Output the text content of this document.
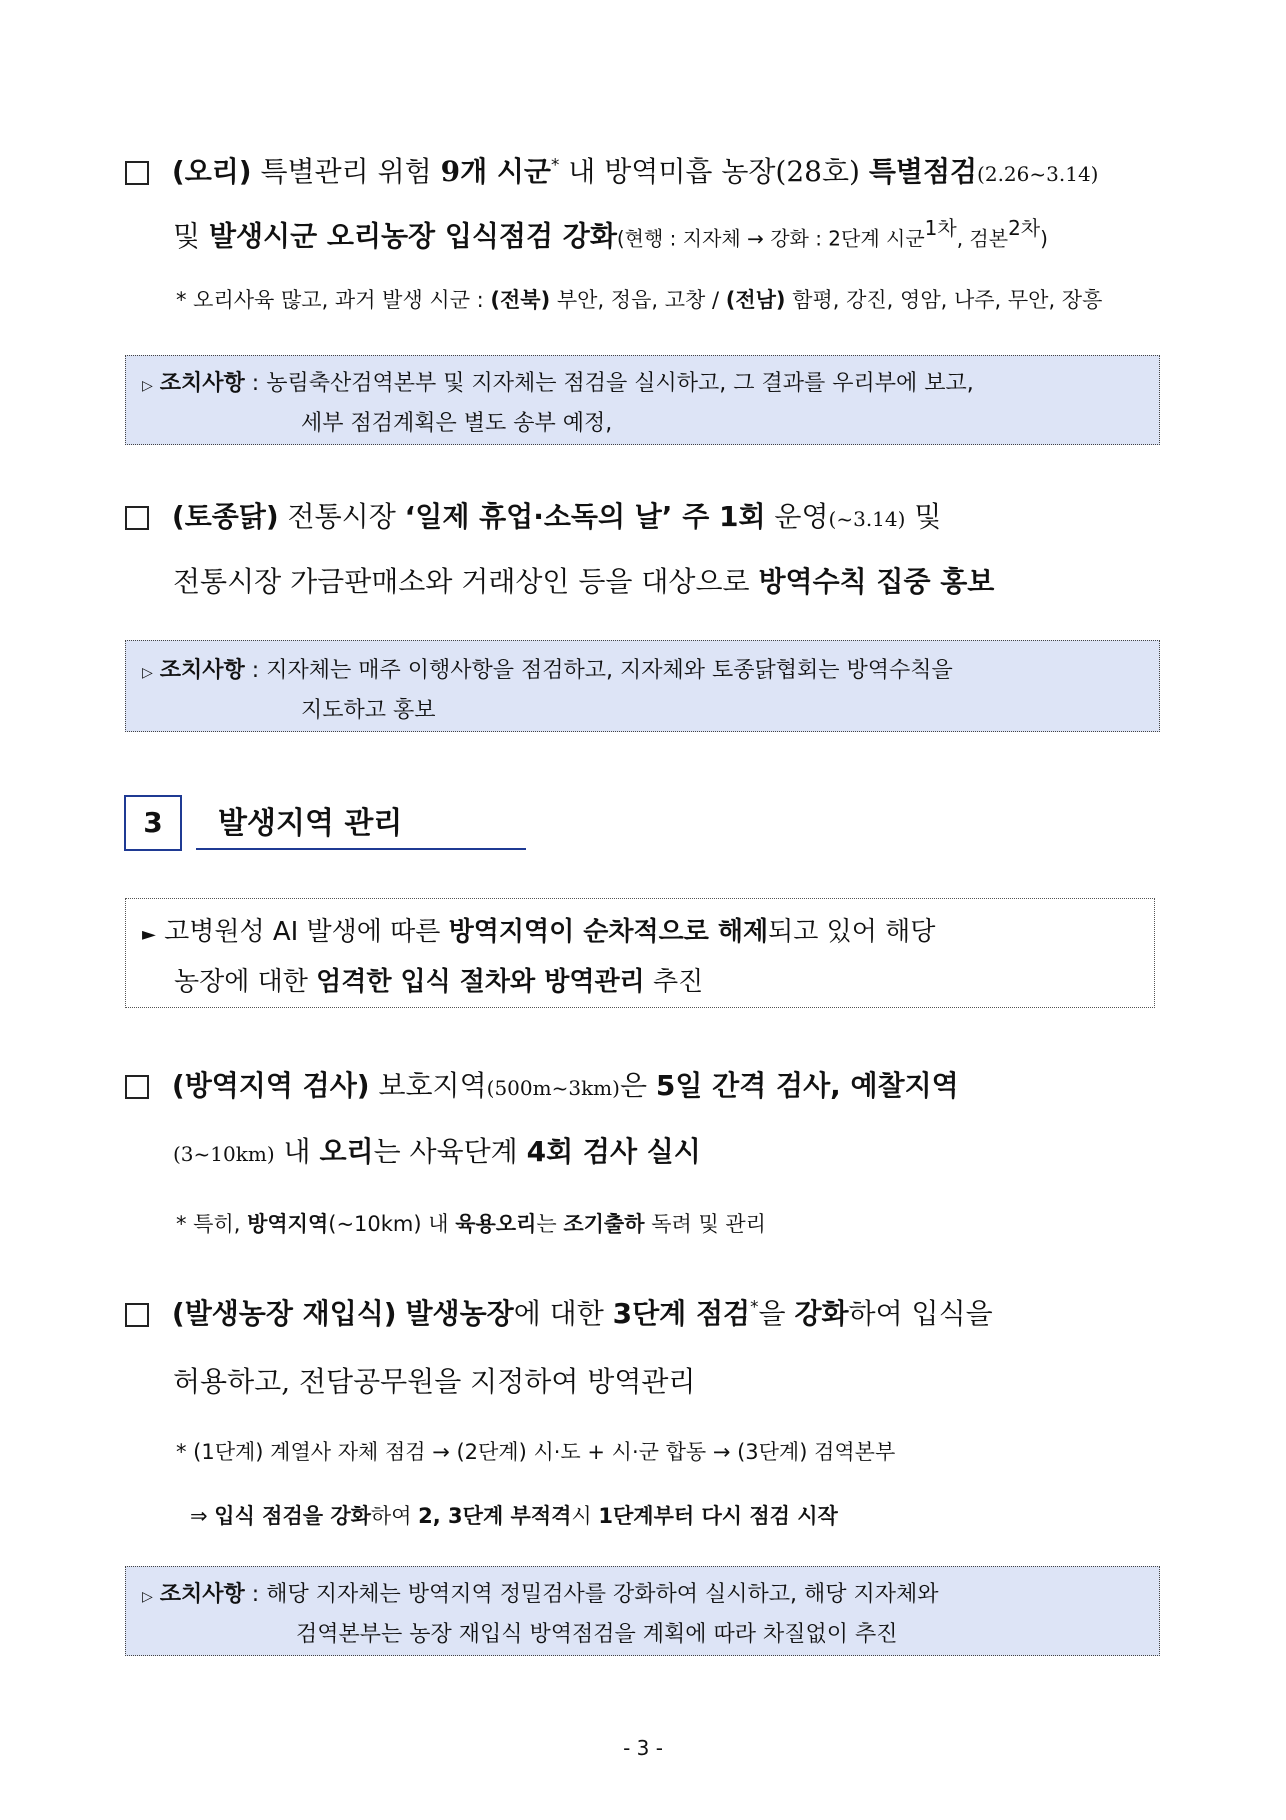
(오리) 특별관리 위험 9개 시군* 내 방역미흡 농장(28호) 특별점검(2.26~3.14)
및 발생시군 오리농장 입식점검 강화(현행 : 지자체 → 강화 : 2단계 시군$^{1차}$, 검본$^{2차}$)
* 오리사육 많고, 과거 발생 시군 : (전북) 부안, 정읍, 고창 / (전남) 함평, 강진, 영암, 나주, 무안, 장흥
▷ 조치사항 : 농림축산검역본부 및 지자체는 점검을 실시하고, 그 결과를 우리부에 보고,
세부 점검계획은 별도 송부 예정,
(토종닭) 전통시장 ‘일제 휴업·소독의 날’ 주 1회 운영(~3.14) 및
전통시장 가금판매소와 거래상인 등을 대상으로 방역수칙 집중 홍보
▷ 조치사항 : 지자체는 매주 이행사항을 점검하고, 지자체와 토종닭협회는 방역수칙을
지도하고 홍보
3	발생지역 관리
► 고병원성 AI 발생에 따른 방역지역이 순차적으로 해제되고 있어 해당
농장에 대한 엄격한 입식 절차와 방역관리 추진
(방역지역 검사) 보호지역(500m~3km)은 5일 간격 검사, 예찰지역
(3~10km) 내 오리는 사육단계 4회 검사 실시
* 특히, 방역지역(~10km) 내 육용오리는 조기출하 독려 및 관리
(발생농장 재입식) 발생농장에 대한 3단계 점검*을 강화하여 입식을
허용하고, 전담공무원을 지정하여 방역관리
* (1단계) 계열사 자체 점검 → (2단계) 시·도 + 시·군 합동 → (3단계) 검역본부
⇒ 입식 점검을 강화하여 2, 3단계 부적격시 1단계부터 다시 점검 시작
▷ 조치사항 : 해당 지자체는 방역지역 정밀검사를 강화하여 실시하고, 해당 지자체와
검역본부는 농장 재입식 방역점검을 계획에 따라 차질없이 추진
- 3 -
